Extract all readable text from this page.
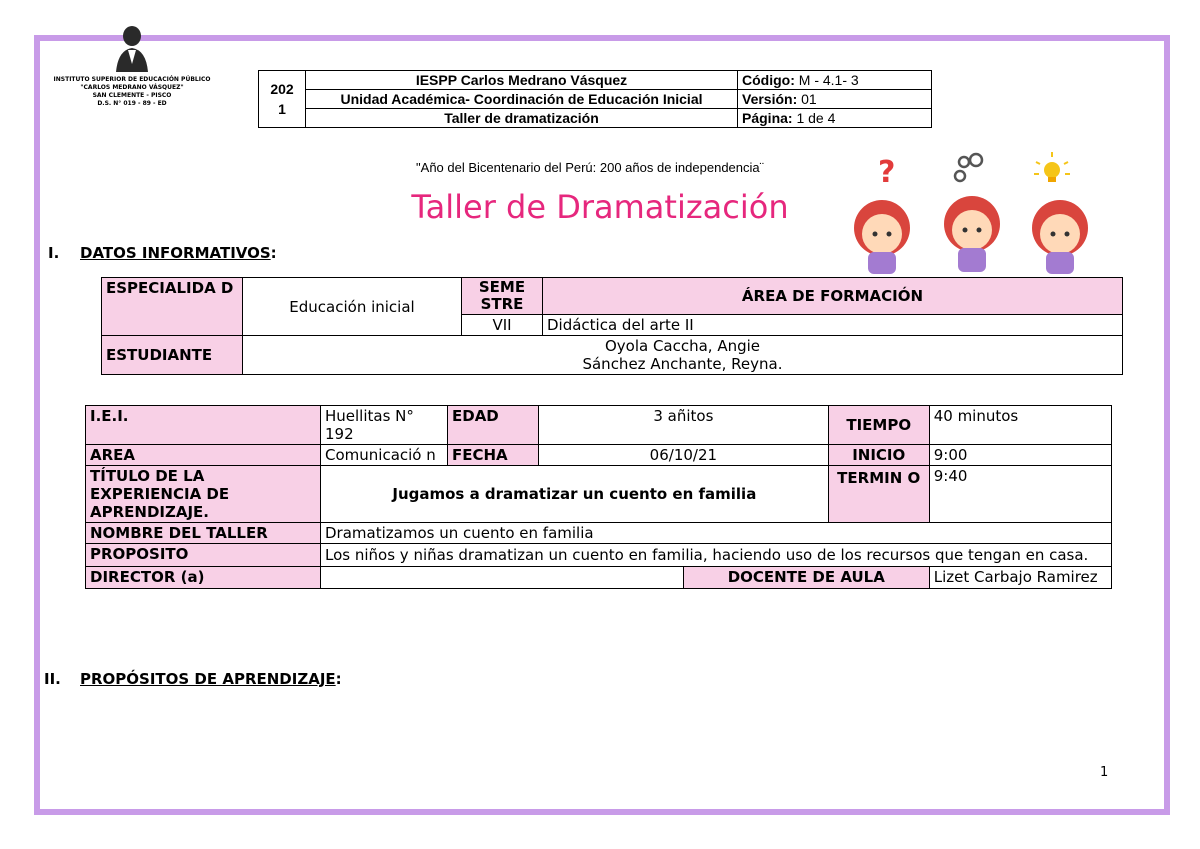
INSTITUTO SUPERIOR DE EDUCACIÓN PÚBLICO
"CARLOS MEDRANO VÁSQUEZ"
SAN CLEMENTE - PISCO
D.S. N° 019 - 89 - ED
202
1	IESPP Carlos Medrano Vásquez	Código: M - 4.1- 3
	Unidad Académica- Coordinación de Educación Inicial	Versión: 01
	Taller de dramatización	Página: 1 de 4
"Año del Bicentenario del Perú: 200 años de independencia¨
Taller de Dramatización
?
I. DATOS INFORMATIVOS:
ESPECIALIDA D	Educación inicial	SEME STRE	ÁREA DE FORMACIÓN
		VII	Didáctica del arte II
ESTUDIANTE	Oyola Caccha, Angie
Sánchez Anchante, Reyna.		
I.E.I.	Huellitas N° 192	EDAD	3 añitos		TIEMPO	40 minutos
AREA	Comunicació n	FECHA	06/10/21		INICIO	9:00
TÍTULO DE LA EXPERIENCIA DE APRENDIZAJE.	Jugamos a dramatizar un cuento en familia				TERMIN O	9:40
NOMBRE DEL TALLER	Dramatizamos un cuento en familia					
PROPOSITO	Los niños y niñas dramatizan un cuento en familia, haciendo uso de los recursos que tengan en casa.					
DIRECTOR (a)				DOCENTE DE AULA		Lizet Carbajo Ramirez
II. PROPÓSITOS DE APRENDIZAJE:
1
